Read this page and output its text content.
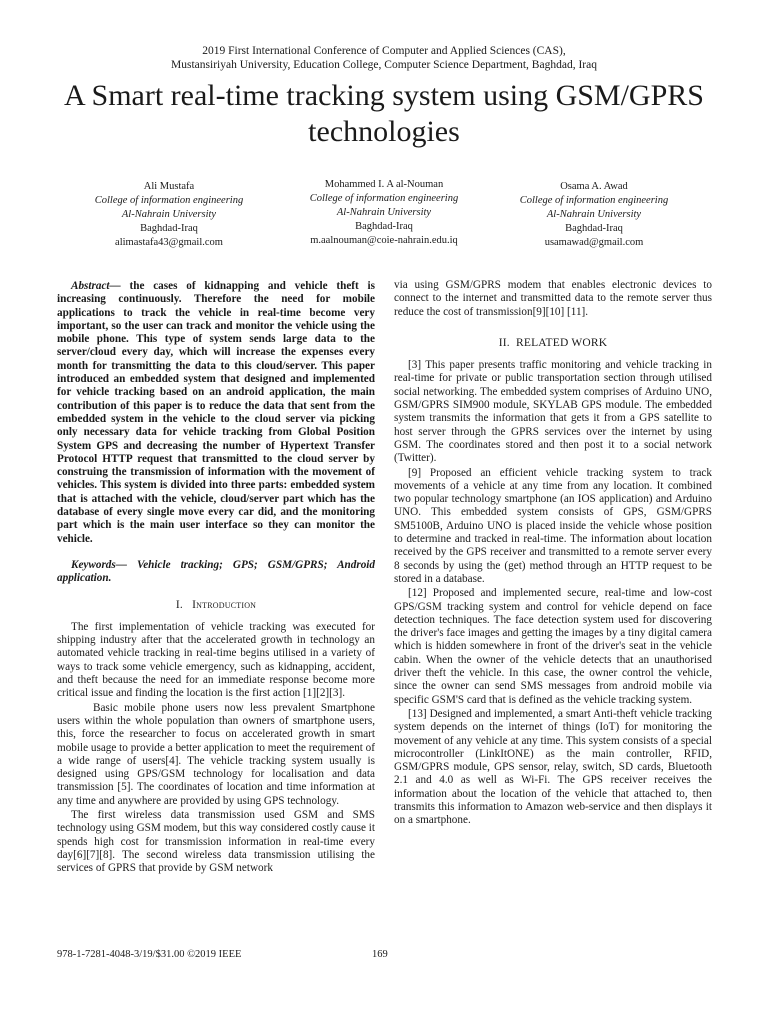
2019 First International Conference of Computer and Applied Sciences (CAS),
Mustansiriyah University, Education College, Computer Science Department, Baghdad, Iraq
A Smart real-time tracking system using GSM/GPRS technologies
Ali Mustafa
College of information engineering
Al-Nahrain University
Baghdad-Iraq
alimastafa43@gmail.com
Mohammed I. A al-Nouman
College of information engineering
Al-Nahrain University
Baghdad-Iraq
m.aalnouman@coie-nahrain.edu.iq
Osama A. Awad
College of information engineering
Al-Nahrain University
Baghdad-Iraq
usamawad@gmail.com

Abstract— the cases of kidnapping and vehicle theft is increasing continuously. Therefore the need for mobile applications to track the vehicle in real-time become very important, so the user can track and monitor the vehicle using the mobile phone. This type of system sends large data to the server/cloud every day, which will increase the expenses every month for transmitting the data to this cloud/server. This paper introduced an embedded system that designed and implemented for vehicle tracking based on an android application, the main contribution of this paper is to reduce the data that sent from the embedded system in the vehicle to the cloud server via picking only necessary data for vehicle tracking from Global Position System GPS and decreasing the number of Hypertext Transfer Protocol HTTP request that transmitted to the cloud server by construing the transmission of information with the movement of vehicles. This system is divided into three parts: embedded system that is attached with the vehicle, cloud/server part which has the database of every single move every car did, and the monitoring part which is the main user interface so they can monitor the vehicle.

Keywords— Vehicle tracking; GPS; GSM/GPRS; Android application.

I. Introduction

The first implementation of vehicle tracking was executed for shipping industry after that the accelerated growth in technology an automated vehicle tracking in real-time begins utilised in a variety of ways to track some vehicle emergency, such as kidnapping, accident, and theft because the need for an immediate response become more critical issue and finding the location is the first action [1][2][3].

Basic mobile phone users now less prevalent Smartphone users within the whole population than owners of smartphone users, this, force the researcher to focus on accelerated growth in smart mobile usage to provide a better application to meet the requirement of a wide range of users[4]. The vehicle tracking system usually is designed using GPS/GSM technology for localisation and data transmission [5]. The coordinates of location and time information at any time and anywhere are provided by using GPS technology.

The first wireless data transmission used GSM and SMS technology using GSM modem, but this way considered costly cause it spends high cost for transmission information in real-time every day[6][7][8]. The second wireless data transmission utilising the services of GPRS that provide by GSM network

via using GSM/GPRS modem that enables electronic devices to connect to the internet and transmitted data to the remote server thus reduce the cost of transmission[9][10] [11].

II. RELATED WORK

[3] This paper presents traffic monitoring and vehicle tracking in real-time for private or public transportation section through utilised social networking. The embedded system comprises of Arduino UNO, GSM/GPRS SIM900 module, SKYLAB GPS module. The embedded system transmits the information that gets it from a GPS satellite to host server through the GPRS services over the internet by using GSM. The coordinates stored and then post it to a social network (Twitter).

[9] Proposed an efficient vehicle tracking system to track movements of a vehicle at any time from any location. It combined two popular technology smartphone (an IOS application) and Arduino UNO. This embedded system consists of GPS, GSM/GPRS SM5100B, Arduino UNO is placed inside the vehicle whose position to determine and tracked in real-time. The information about location received by the GPS receiver and transmitted to a remote server every 8 seconds by using the (get) method through an HTTP request to be stored in a database.

[12] Proposed and implemented secure, real-time and low-cost GPS/GSM tracking system and control for vehicle depend on face detection techniques. The face detection system used for discovering the driver's face images and getting the images by a tiny digital camera which is hidden somewhere in front of the driver's seat in the vehicle cabin. When the owner of the vehicle detects that an unauthorised driver theft the vehicle. In this case, the owner control the vehicle, since the owner can send SMS messages from android mobile via specific GSM'S card that is defined as the vehicle tracking system.

[13] Designed and implemented, a smart Anti-theft vehicle tracking system depends on the internet of things (IoT) for monitoring the movement of any vehicle at any time. This system consists of a special microcontroller (LinkItONE) as the main controller, RFID, GSM/GPRS module, GPS sensor, relay, switch, SD cards, Bluetooth 2.1 and 4.0 as well as Wi-Fi. The GPS receiver receives the information about the location of the vehicle that attached to, then transmits this information to Amazon web-service and then displays it on a smartphone.

978-1-7281-4048-3/19/$31.00 ©2019 IEEE	169
